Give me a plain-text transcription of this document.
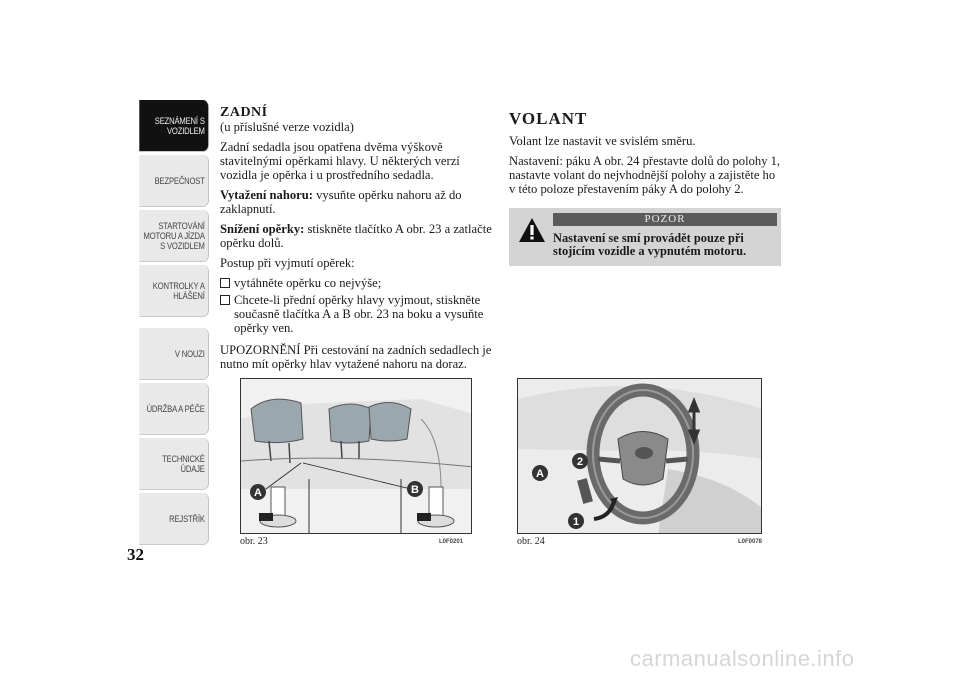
SEZNÁMENÍ S
VOZIDLEM
BEZPEČNOST
STARTOVÁNÍ
MOTORU A JÍZDA
S VOZIDLEM
KONTROLKY A
HLÁŠENÍ
V NOUZI
ÚDRŽBA A PÉČE
TECHNICKÉ
ÚDAJE
REJSTŘÍK
32
ZADNÍ

(u příslušné verze vozidla)

Zadní sedadla jsou opatřena dvěma výškově stavitelnými opěrkami hlavy. U některých verzí vozidla je opěrka i u prostředního sedadla.

Vytažení nahoru: vysuňte opěrku nahoru až do zaklapnutí.

Snížení opěrky: stiskněte tlačítko A obr. 23 a zatlačte opěrku dolů.

Postup při vyjmutí opěrek:

vytáhněte opěrku co nejvýše;
Chcete-li přední opěrky hlavy vyjmout, stiskněte současně tlačítka A a B obr. 23 na boku a vysuňte opěrky ven.

UPOZORNĚNÍ Při cestování na zadních sedadlech je nutno mít opěrky hlav vytažené nahoru na doraz.

VOLANT

Volant lze nastavit ve svislém směru.

Nastavení: páku A obr. 24 přestavte dolů do polohy 1, nastavte volant do nejvhodnější polohy a zajistěte ho v této poloze přestavením páky A do polohy 2.

POZOR
Nastavení se smí provádět pouze při stojícím vozidle a vypnutém motoru.
A	B
obr. 23	L0F0201
A
2
1
obr. 24	L0F0078
carmanualsonline.info
